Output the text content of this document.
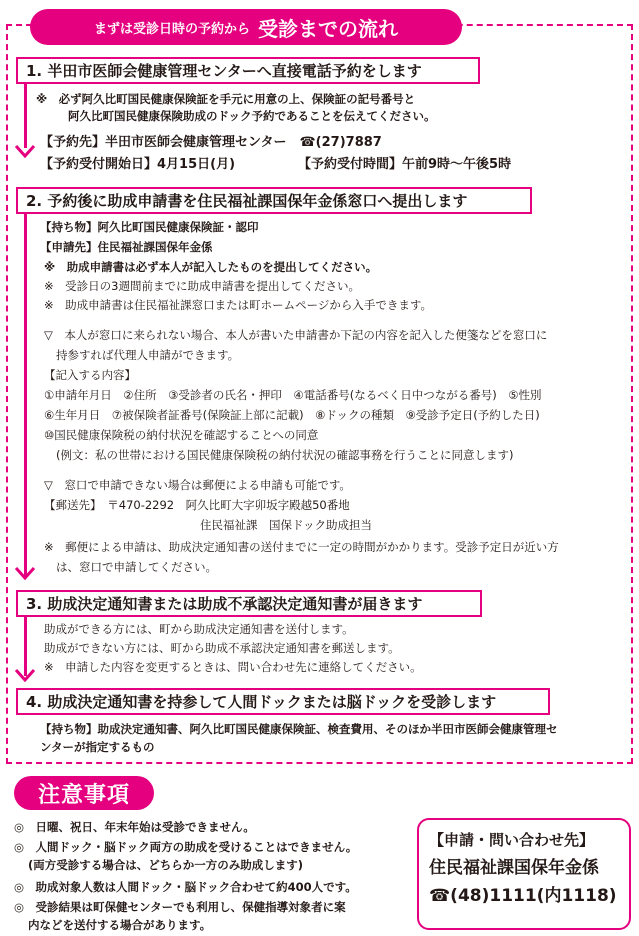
まずは受診日時の予約から 受診までの流れ
1. 半田市医師会健康管理センターへ直接電話予約をします
※　必ず阿久比町国民健康保険証を手元に用意の上、保険証の記号番号と
阿久比町国民健康保険助成のドック予約であることを伝えてください。
【予約先】半田市医師会健康管理センター　☎(27)7887
【予約受付開始日】4月15日(月)	【予約受付時間】午前9時～午後5時
2. 予約後に助成申請書を住民福祉課国保年金係窓口へ提出します
【持ち物】阿久比町国民健康保険証・認印
【申請先】住民福祉課国保年金係
※　助成申請書は必ず本人が記入したものを提出してください。
※　受診日の3週間前までに助成申請書を提出してください。
※　助成申請書は住民福祉課窓口または町ホームページから入手できます。
▽　本人が窓口に来られない場合、本人が書いた申請書か下記の内容を記入した便箋などを窓口に
持参すれば代理人申請ができます。
【記入する内容】
①申請年月日　②住所　③受診者の氏名・押印　④電話番号(なるべく日中つながる番号)　⑤性別
⑥生年月日　⑦被保険者証番号(保険証上部に記載)　⑧ドックの種類　⑨受診予定日(予約した日)
⑩国民健康保険税の納付状況を確認することへの同意
(例文：私の世帯における国民健康保険税の納付状況の確認事務を行うことに同意します)
▽　窓口で申請できない場合は郵便による申請も可能です。
【郵送先】　〒470-2292　阿久比町大字卯坂字殿越50番地
住民福祉課　国保ドック助成担当
※　郵便による申請は、助成決定通知書の送付までに一定の時間がかかります。受診予定日が近い方
は、窓口で申請してください。
3. 助成決定通知書または助成不承認決定通知書が届きます
助成ができる方には、町から助成決定通知書を送付します。
助成ができない方には、町から助成不承認決定通知書を郵送します。
※　申請した内容を変更するときは、問い合わせ先に連絡してください。
4. 助成決定通知書を持参して人間ドックまたは脳ドックを受診します
【持ち物】助成決定通知書、阿久比町国民健康保険証、検査費用、そのほか半田市医師会健康管理セ
ンターが指定するもの
注意事項
◎　日曜、祝日、年末年始は受診できません。
◎　人間ドック・脳ドック両方の助成を受けることはできません。
(両方受診する場合は、どちらか一方のみ助成します)
◎　助成対象人数は人間ドック・脳ドック合わせて約400人です。
◎　受診結果は町保健センターでも利用し、保健指導対象者に案
内などを送付する場合があります。
【申請・問い合わせ先】
住民福祉課国保年金係
☎(48)1111(内1118)
